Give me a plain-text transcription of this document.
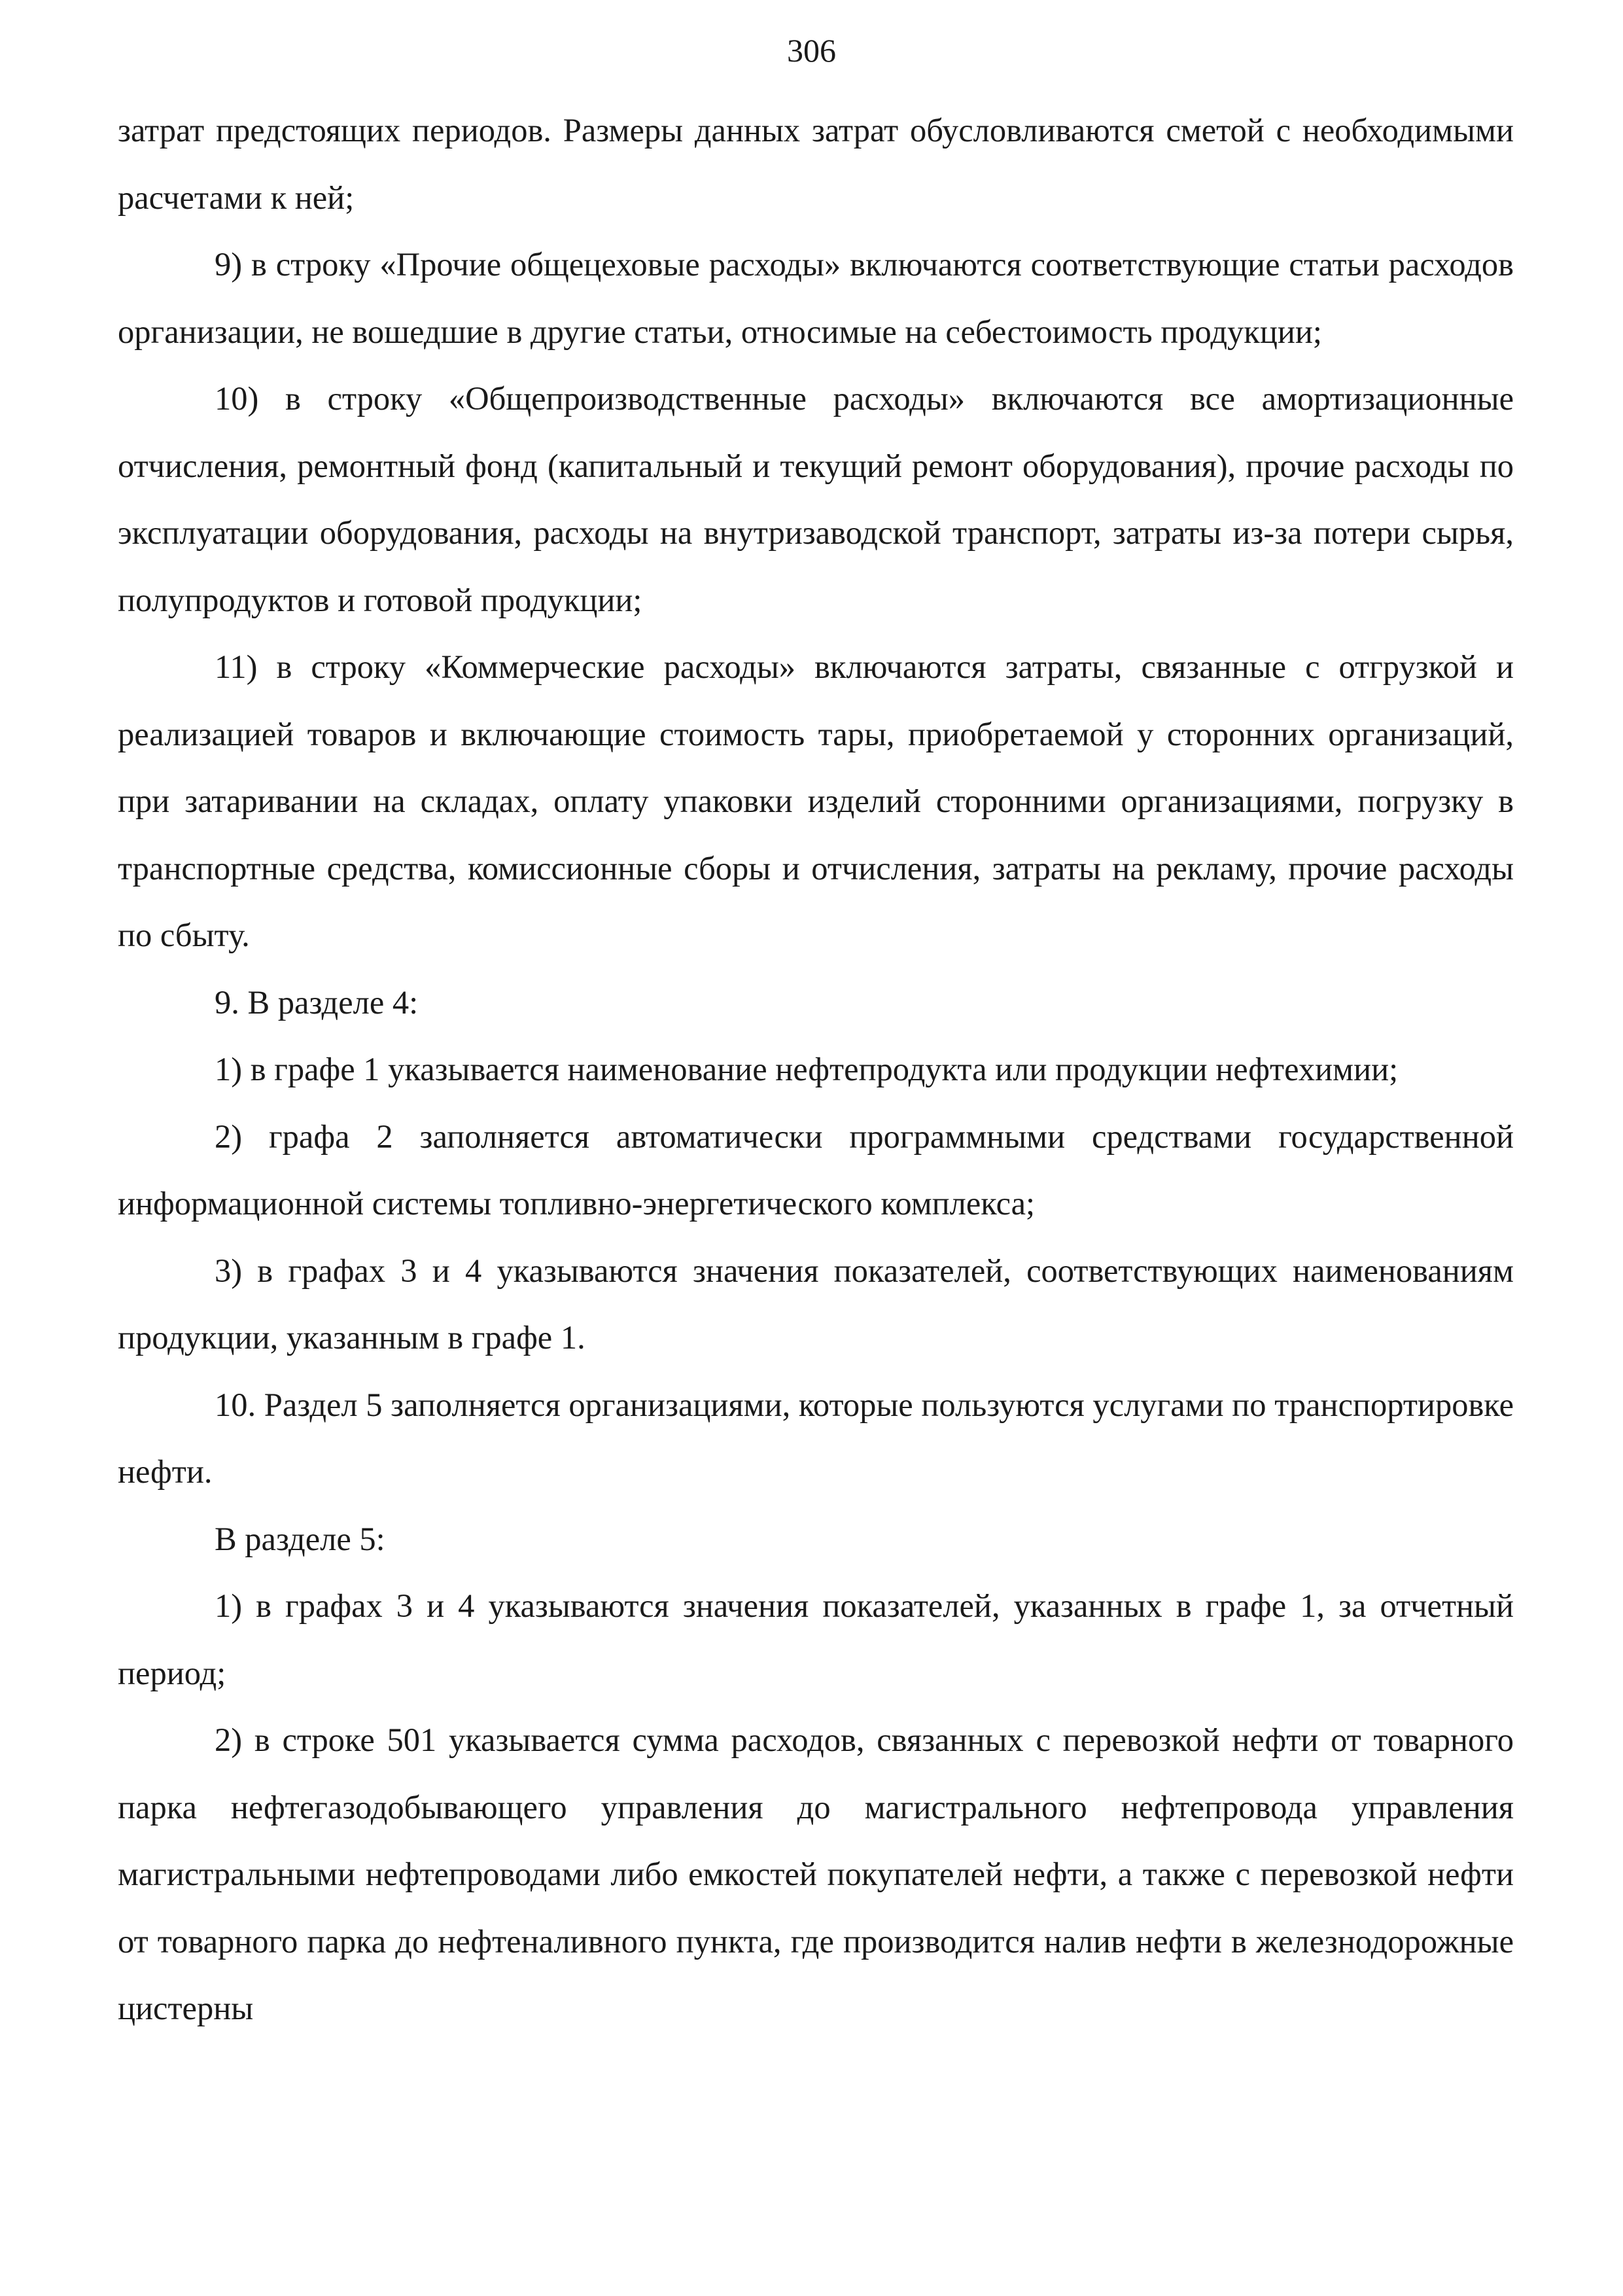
306

затрат предстоящих периодов. Размеры данных затрат обусловливаются сметой с необходимыми расчетами к ней;

9) в строку «Прочие общецеховые расходы» включаются соответствующие статьи расходов организации, не вошедшие в другие статьи, относимые на себестоимость продукции;

10) в строку «Общепроизводственные расходы» включаются все амортизационные отчисления, ремонтный фонд (капитальный и текущий ремонт оборудования), прочие расходы по эксплуатации оборудования, расходы на внутризаводской транспорт, затраты из-за потери сырья, полупродуктов и готовой продукции;

11) в строку «Коммерческие расходы» включаются затраты, связанные с отгрузкой и реализацией товаров и включающие стоимость тары, приобретаемой у сторонних организаций, при затаривании на складах, оплату упаковки изделий сторонними организациями, погрузку в транспортные средства, комиссионные сборы и отчисления, затраты на рекламу, прочие расходы по сбыту.

9. В разделе 4:

1) в графе 1 указывается наименование нефтепродукта или продукции нефтехимии;

2) графа 2 заполняется автоматически программными средствами государственной информационной системы топливно-энергетического комплекса;

3) в графах 3 и 4 указываются значения показателей, соответствующих наименованиям продукции, указанным в графе 1.

10. Раздел 5 заполняется организациями, которые пользуются услугами по транспортировке нефти.

В разделе 5:

1) в графах 3 и 4 указываются значения показателей, указанных в графе 1, за отчетный период;

2) в строке 501 указывается сумма расходов, связанных с перевозкой нефти от товарного парка нефтегазодобывающего управления до магистрального нефтепровода управления магистральными нефтепроводами либо емкостей покупателей нефти, а также с перевозкой нефти от товарного парка до нефтеналивного пункта, где производится налив нефти в железнодорожные цистерны
